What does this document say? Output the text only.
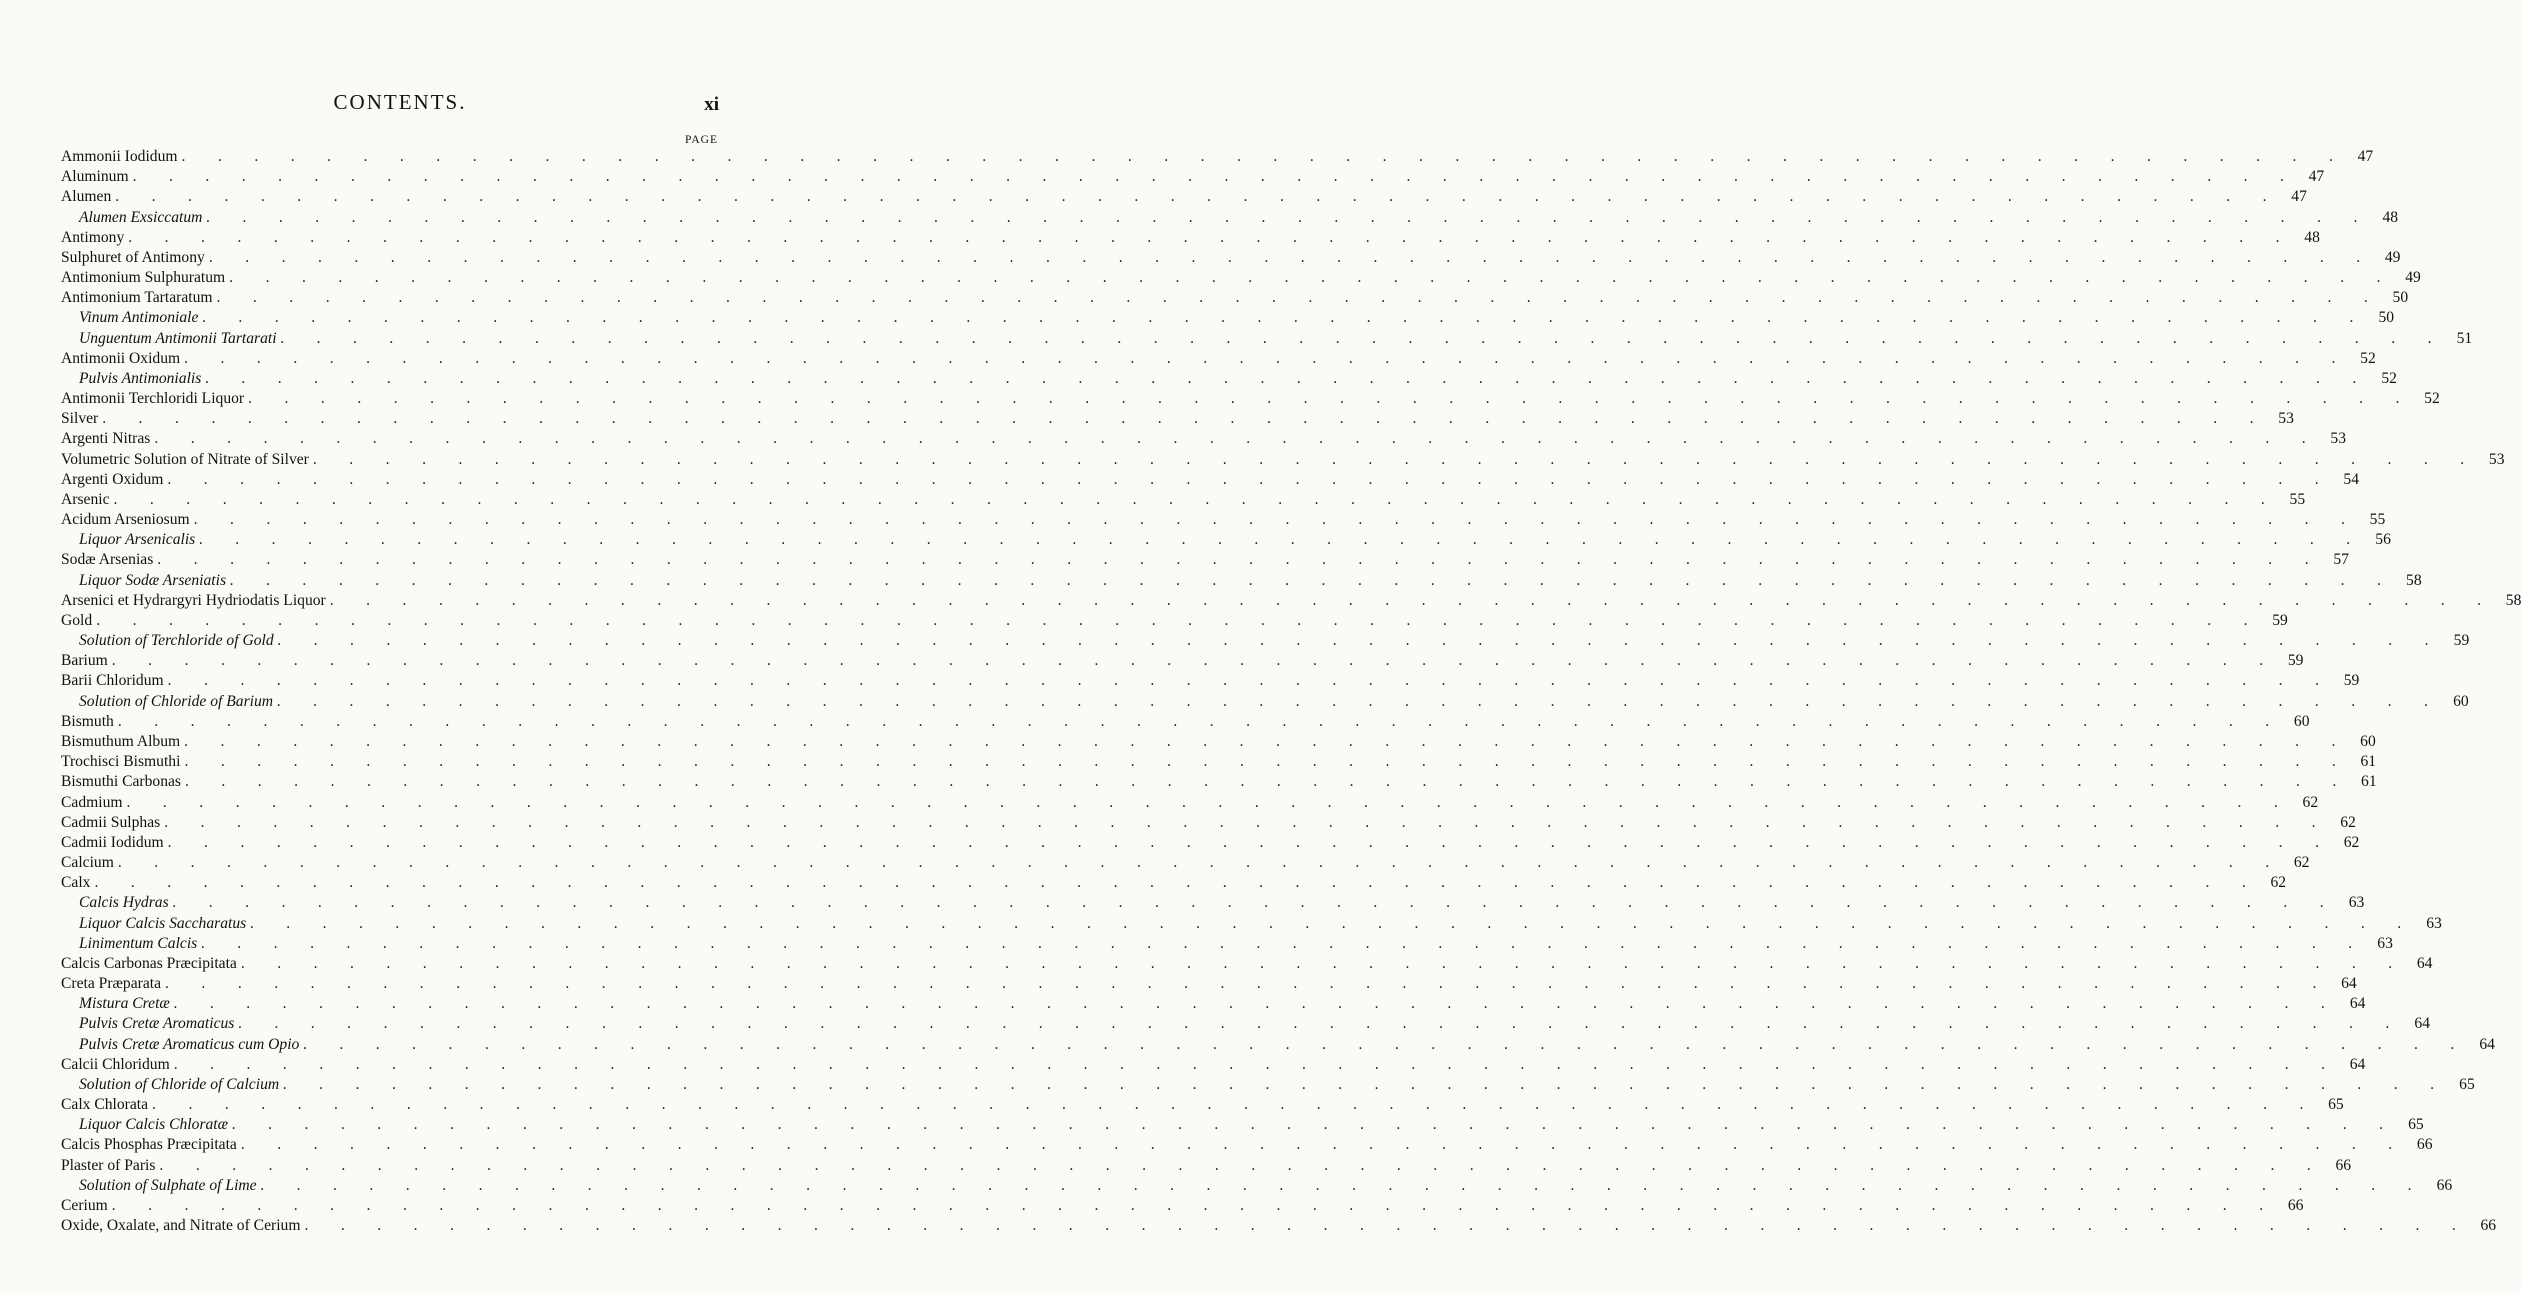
CONTENTS.	xi
PAGE
Ammonii Iodidum . . . . . . . . . . . . . . . . . . . . . . . . . . . . . . . . . . . . . . . . . . . . . . . . . . . . . . . . . . . . 47
Aluminum . . . . . . . . . . . . . . . . . . . . . . . . . . . . . . . . . . . . . . . . . . . . . . . . . . . . . . . . . . . . 47
Alumen . . . . . . . . . . . . . . . . . . . . . . . . . . . . . . . . . . . . . . . . . . . . . . . . . . . . . . . . . . . . 47
Alumen Exsiccatum . . . . . . . . . . . . . . . . . . . . . . . . . . . . . . . . . . . . . . . . . . . . . . . . . . . . . . . . . . . . 48
Antimony . . . . . . . . . . . . . . . . . . . . . . . . . . . . . . . . . . . . . . . . . . . . . . . . . . . . . . . . . . . . 48
Sulphuret of Antimony . . . . . . . . . . . . . . . . . . . . . . . . . . . . . . . . . . . . . . . . . . . . . . . . . . . . . . . . . . . . 49
Antimonium Sulphuratum . . . . . . . . . . . . . . . . . . . . . . . . . . . . . . . . . . . . . . . . . . . . . . . . . . . . . . . . . . . . 49
Antimonium Tartaratum . . . . . . . . . . . . . . . . . . . . . . . . . . . . . . . . . . . . . . . . . . . . . . . . . . . . . . . . . . . . 50
Vinum Antimoniale . . . . . . . . . . . . . . . . . . . . . . . . . . . . . . . . . . . . . . . . . . . . . . . . . . . . . . . . . . . . 50
Unguentum Antimonii Tartarati . . . . . . . . . . . . . . . . . . . . . . . . . . . . . . . . . . . . . . . . . . . . . . . . . . . . . . . . . . . . 51
Antimonii Oxidum . . . . . . . . . . . . . . . . . . . . . . . . . . . . . . . . . . . . . . . . . . . . . . . . . . . . . . . . . . . . 52
Pulvis Antimonialis . . . . . . . . . . . . . . . . . . . . . . . . . . . . . . . . . . . . . . . . . . . . . . . . . . . . . . . . . . . . 52
Antimonii Terchloridi Liquor . . . . . . . . . . . . . . . . . . . . . . . . . . . . . . . . . . . . . . . . . . . . . . . . . . . . . . . . . . . . 52
Silver . . . . . . . . . . . . . . . . . . . . . . . . . . . . . . . . . . . . . . . . . . . . . . . . . . . . . . . . . . . . 53
Argenti Nitras . . . . . . . . . . . . . . . . . . . . . . . . . . . . . . . . . . . . . . . . . . . . . . . . . . . . . . . . . . . . 53
Volumetric Solution of Nitrate of Silver . . . . . . . . . . . . . . . . . . . . . . . . . . . . . . . . . . . . . . . . . . . . . . . . . . . . . . . . . . . . 53
Argenti Oxidum . . . . . . . . . . . . . . . . . . . . . . . . . . . . . . . . . . . . . . . . . . . . . . . . . . . . . . . . . . . . 54
Arsenic . . . . . . . . . . . . . . . . . . . . . . . . . . . . . . . . . . . . . . . . . . . . . . . . . . . . . . . . . . . . 55
Acidum Arseniosum . . . . . . . . . . . . . . . . . . . . . . . . . . . . . . . . . . . . . . . . . . . . . . . . . . . . . . . . . . . . 55
Liquor Arsenicalis . . . . . . . . . . . . . . . . . . . . . . . . . . . . . . . . . . . . . . . . . . . . . . . . . . . . . . . . . . . . 56
Sodæ Arsenias . . . . . . . . . . . . . . . . . . . . . . . . . . . . . . . . . . . . . . . . . . . . . . . . . . . . . . . . . . . . 57
Liquor Sodæ Arseniatis . . . . . . . . . . . . . . . . . . . . . . . . . . . . . . . . . . . . . . . . . . . . . . . . . . . . . . . . . . . . 58
Arsenici et Hydrargyri Hydriodatis Liquor . . . . . . . . . . . . . . . . . . . . . . . . . . . . . . . . . . . . . . . . . . . . . . . . . . . . . . . . . . . . 58
Gold . . . . . . . . . . . . . . . . . . . . . . . . . . . . . . . . . . . . . . . . . . . . . . . . . . . . . . . . . . . . 59
Solution of Terchloride of Gold . . . . . . . . . . . . . . . . . . . . . . . . . . . . . . . . . . . . . . . . . . . . . . . . . . . . . . . . . . . . 59
Barium . . . . . . . . . . . . . . . . . . . . . . . . . . . . . . . . . . . . . . . . . . . . . . . . . . . . . . . . . . . . 59
Barii Chloridum . . . . . . . . . . . . . . . . . . . . . . . . . . . . . . . . . . . . . . . . . . . . . . . . . . . . . . . . . . . . 59
Solution of Chloride of Barium . . . . . . . . . . . . . . . . . . . . . . . . . . . . . . . . . . . . . . . . . . . . . . . . . . . . . . . . . . . . 60
Bismuth . . . . . . . . . . . . . . . . . . . . . . . . . . . . . . . . . . . . . . . . . . . . . . . . . . . . . . . . . . . . 60
Bismuthum Album . . . . . . . . . . . . . . . . . . . . . . . . . . . . . . . . . . . . . . . . . . . . . . . . . . . . . . . . . . . . 60
Trochisci Bismuthi . . . . . . . . . . . . . . . . . . . . . . . . . . . . . . . . . . . . . . . . . . . . . . . . . . . . . . . . . . . . 61
Bismuthi Carbonas . . . . . . . . . . . . . . . . . . . . . . . . . . . . . . . . . . . . . . . . . . . . . . . . . . . . . . . . . . . . 61
Cadmium . . . . . . . . . . . . . . . . . . . . . . . . . . . . . . . . . . . . . . . . . . . . . . . . . . . . . . . . . . . . 62
Cadmii Sulphas . . . . . . . . . . . . . . . . . . . . . . . . . . . . . . . . . . . . . . . . . . . . . . . . . . . . . . . . . . . . 62
Cadmii Iodidum . . . . . . . . . . . . . . . . . . . . . . . . . . . . . . . . . . . . . . . . . . . . . . . . . . . . . . . . . . . . 62
Calcium . . . . . . . . . . . . . . . . . . . . . . . . . . . . . . . . . . . . . . . . . . . . . . . . . . . . . . . . . . . . 62
Calx . . . . . . . . . . . . . . . . . . . . . . . . . . . . . . . . . . . . . . . . . . . . . . . . . . . . . . . . . . . . 62
Calcis Hydras . . . . . . . . . . . . . . . . . . . . . . . . . . . . . . . . . . . . . . . . . . . . . . . . . . . . . . . . . . . . 63
Liquor Calcis Saccharatus . . . . . . . . . . . . . . . . . . . . . . . . . . . . . . . . . . . . . . . . . . . . . . . . . . . . . . . . . . . . 63
Linimentum Calcis . . . . . . . . . . . . . . . . . . . . . . . . . . . . . . . . . . . . . . . . . . . . . . . . . . . . . . . . . . . . 63
Calcis Carbonas Præcipitata . . . . . . . . . . . . . . . . . . . . . . . . . . . . . . . . . . . . . . . . . . . . . . . . . . . . . . . . . . . . 64
Creta Præparata . . . . . . . . . . . . . . . . . . . . . . . . . . . . . . . . . . . . . . . . . . . . . . . . . . . . . . . . . . . . 64
Mistura Cretæ . . . . . . . . . . . . . . . . . . . . . . . . . . . . . . . . . . . . . . . . . . . . . . . . . . . . . . . . . . . . 64
Pulvis Cretæ Aromaticus . . . . . . . . . . . . . . . . . . . . . . . . . . . . . . . . . . . . . . . . . . . . . . . . . . . . . . . . . . . . 64
Pulvis Cretæ Aromaticus cum Opio . . . . . . . . . . . . . . . . . . . . . . . . . . . . . . . . . . . . . . . . . . . . . . . . . . . . . . . . . . . . 64
Calcii Chloridum . . . . . . . . . . . . . . . . . . . . . . . . . . . . . . . . . . . . . . . . . . . . . . . . . . . . . . . . . . . . 64
Solution of Chloride of Calcium . . . . . . . . . . . . . . . . . . . . . . . . . . . . . . . . . . . . . . . . . . . . . . . . . . . . . . . . . . . . 65
Calx Chlorata . . . . . . . . . . . . . . . . . . . . . . . . . . . . . . . . . . . . . . . . . . . . . . . . . . . . . . . . . . . . 65
Liquor Calcis Chloratæ . . . . . . . . . . . . . . . . . . . . . . . . . . . . . . . . . . . . . . . . . . . . . . . . . . . . . . . . . . . . 65
Calcis Phosphas Præcipitata . . . . . . . . . . . . . . . . . . . . . . . . . . . . . . . . . . . . . . . . . . . . . . . . . . . . . . . . . . . . 66
Plaster of Paris . . . . . . . . . . . . . . . . . . . . . . . . . . . . . . . . . . . . . . . . . . . . . . . . . . . . . . . . . . . . 66
Solution of Sulphate of Lime . . . . . . . . . . . . . . . . . . . . . . . . . . . . . . . . . . . . . . . . . . . . . . . . . . . . . . . . . . . . 66
Cerium . . . . . . . . . . . . . . . . . . . . . . . . . . . . . . . . . . . . . . . . . . . . . . . . . . . . . . . . . . . . 66
Oxide, Oxalate, and Nitrate of Cerium . . . . . . . . . . . . . . . . . . . . . . . . . . . . . . . . . . . . . . . . . . . . . . . . . . . . . . . . . . . . 66
